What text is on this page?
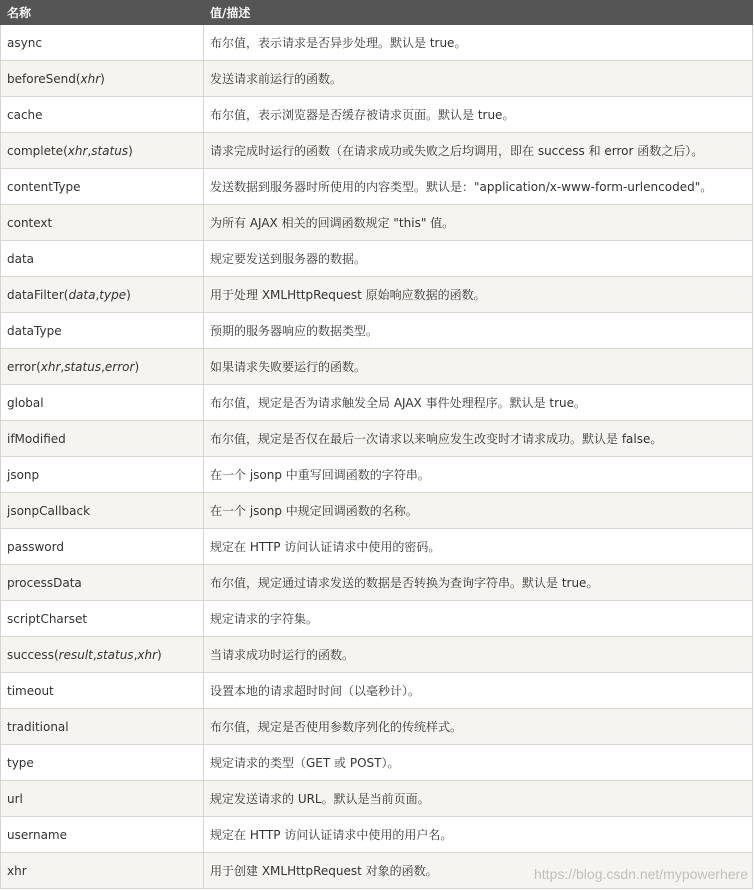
名称	值/描述
async	布尔值，表示请求是否异步处理。默认是 true。
beforeSend(xhr)	发送请求前运行的函数。
cache	布尔值，表示浏览器是否缓存被请求页面。默认是 true。
complete(xhr,status)	请求完成时运行的函数（在请求成功或失败之后均调用，即在 success 和 error 函数之后）。
contentType	发送数据到服务器时所使用的内容类型。默认是："application/x-www-form-urlencoded"。
context	为所有 AJAX 相关的回调函数规定 "this" 值。
data	规定要发送到服务器的数据。
dataFilter(data,type)	用于处理 XMLHttpRequest 原始响应数据的函数。
dataType	预期的服务器响应的数据类型。
error(xhr,status,error)	如果请求失败要运行的函数。
global	布尔值，规定是否为请求触发全局 AJAX 事件处理程序。默认是 true。
ifModified	布尔值，规定是否仅在最后一次请求以来响应发生改变时才请求成功。默认是 false。
jsonp	在一个 jsonp 中重写回调函数的字符串。
jsonpCallback	在一个 jsonp 中规定回调函数的名称。
password	规定在 HTTP 访问认证请求中使用的密码。
processData	布尔值，规定通过请求发送的数据是否转换为查询字符串。默认是 true。
scriptCharset	规定请求的字符集。
success(result,status,xhr)	当请求成功时运行的函数。
timeout	设置本地的请求超时时间（以毫秒计）。
traditional	布尔值，规定是否使用参数序列化的传统样式。
type	规定请求的类型（GET 或 POST）。
url	规定发送请求的 URL。默认是当前页面。
username	规定在 HTTP 访问认证请求中使用的用户名。
xhr	用于创建 XMLHttpRequest 对象的函数。	https://blog.csdn.net/mypowerhere
